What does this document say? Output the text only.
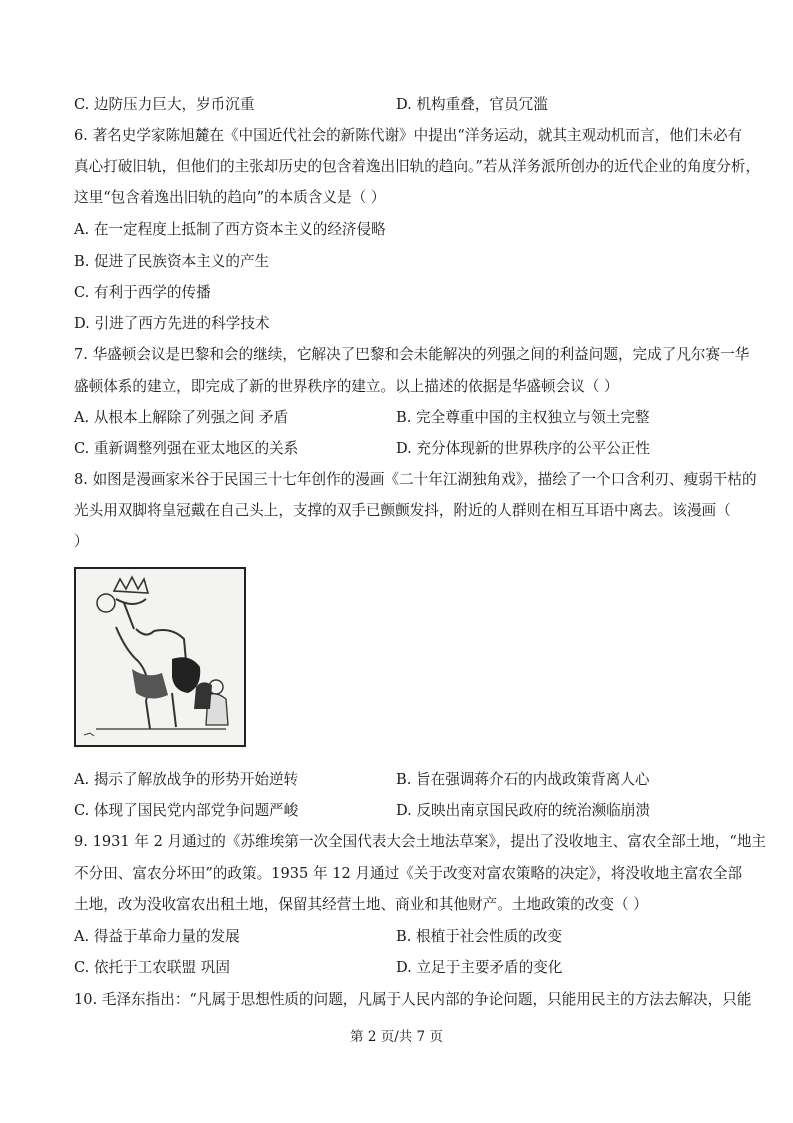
C. 边防压力巨大，岁币沉重	D. 机构重叠，官员冗滥
6. 著名史学家陈旭麓在《中国近代社会的新陈代谢》中提出“洋务运动，就其主观动机而言，他们未必有
真心打破旧轨，但他们的主张却历史的包含着逸出旧轨的趋向。”若从洋务派所创办的近代企业的角度分析，
这里“包含着逸出旧轨的趋向”的本质含义是（ ）
A. 在一定程度上抵制了西方资本主义的经济侵略
B. 促进了民族资本主义的产生
C. 有利于西学的传播
D. 引进了西方先进的科学技术
7. 华盛顿会议是巴黎和会的继续，它解决了巴黎和会未能解决的列强之间的利益问题，完成了凡尔赛一华
盛顿体系的建立，即完成了新的世界秩序的建立。以上描述的依据是华盛顿会议（ ）
A. 从根本上解除了列强之间 矛盾	B. 完全尊重中国的主权独立与领土完整
C. 重新调整列强在亚太地区的关系	D. 充分体现新的世界秩序的公平公正性
8. 如图是漫画家米谷于民国三十七年创作的漫画《二十年江湖独角戏》，描绘了一个口含利刃、瘦弱干枯的
光头用双脚将皇冠戴在自己头上，支撑的双手已颤颤发抖，附近的人群则在相互耳语中离去。该漫画（
）
A. 揭示了解放战争的形势开始逆转	B. 旨在强调蒋介石的内战政策背离人心
C. 体现了国民党内部党争问题严峻	D. 反映出南京国民政府的统治濒临崩溃
9. 1931 年 2 月通过的《苏维埃第一次全国代表大会土地法草案》，提出了没收地主、富农全部土地，“地主
不分田、富农分坏田”的政策。1935 年 12 月通过《关于改变对富农策略的决定》，将没收地主富农全部
土地，改为没收富农出租土地，保留其经营土地、商业和其他财产。土地政策的改变（ ）
A. 得益于革命力量的发展	B. 根植于社会性质的改变
C. 依托于工农联盟 巩固	D. 立足于主要矛盾的变化
10. 毛泽东指出：“凡属于思想性质的问题，凡属于人民内部的争论问题，只能用民主的方法去解决，只能
第 2 页/共 7 页
